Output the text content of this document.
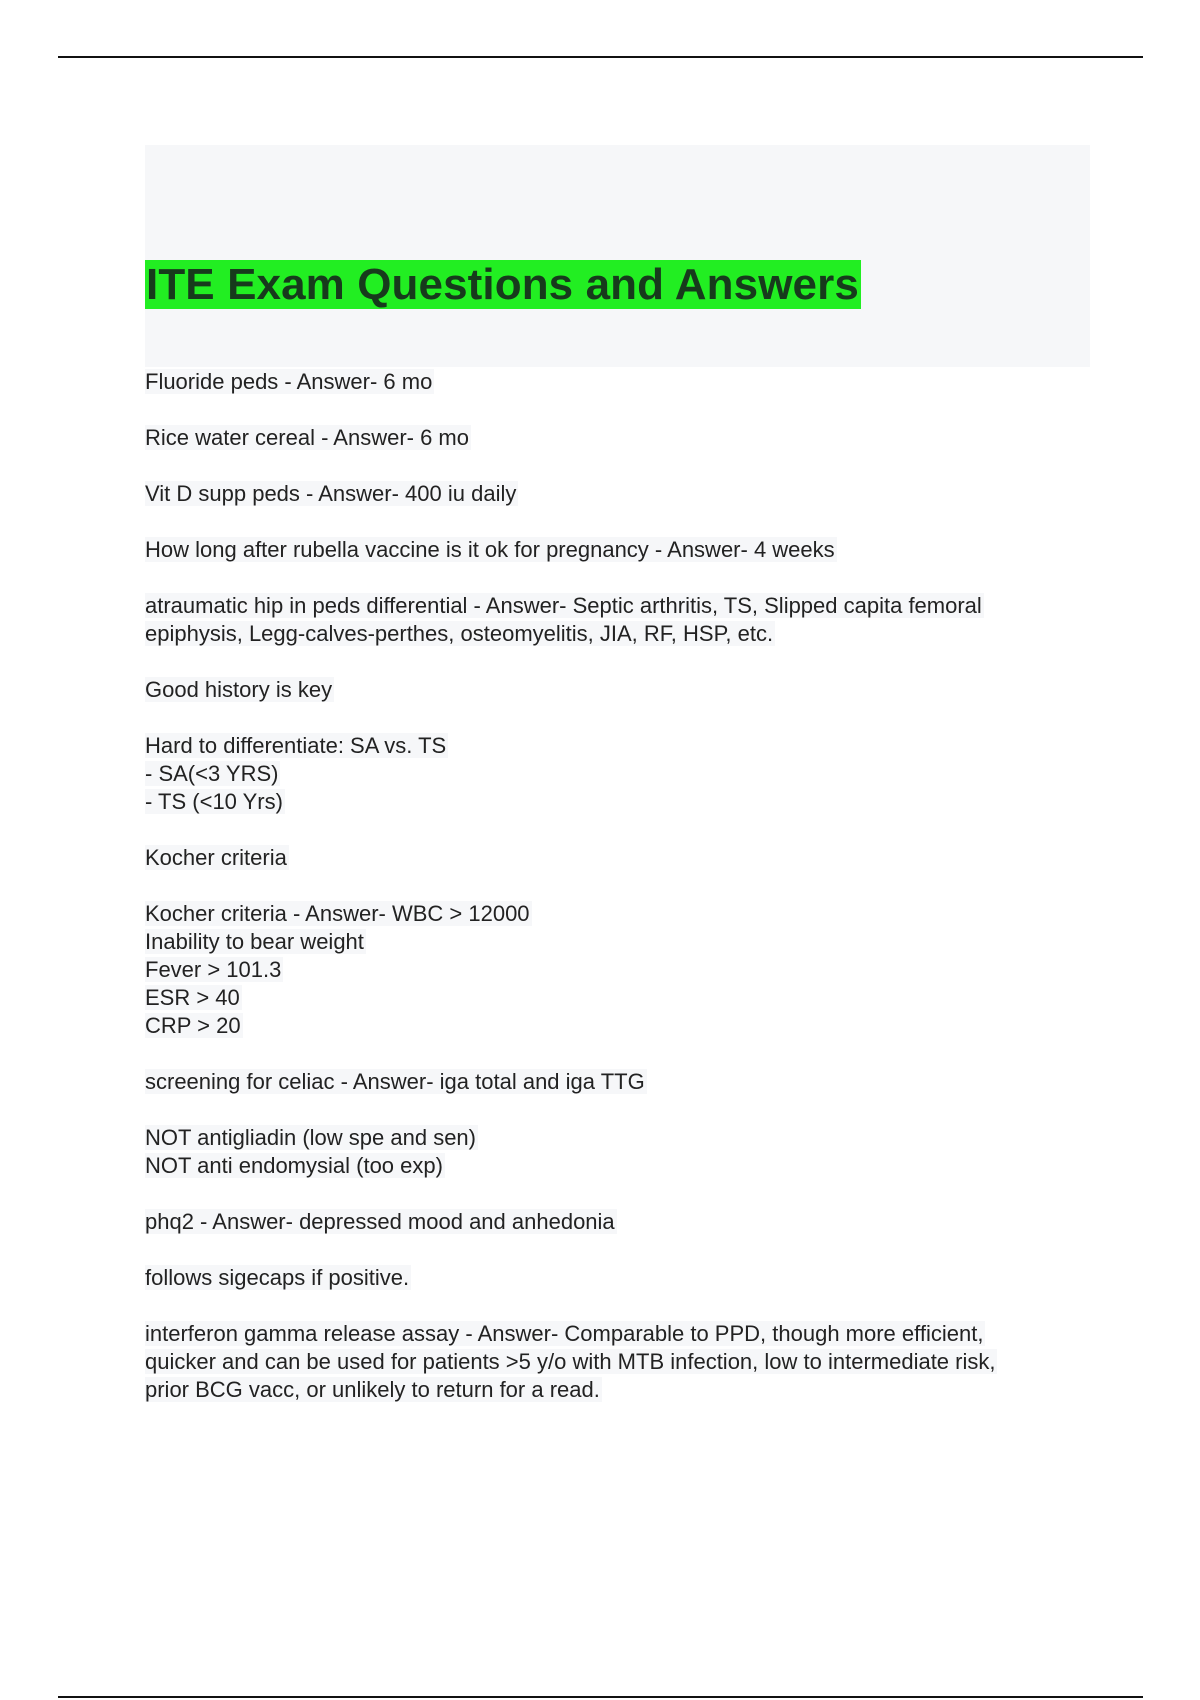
ITE Exam Questions and Answers
Fluoride peds - Answer- 6 mo
Rice water cereal - Answer- 6 mo
Vit D supp peds - Answer- 400 iu daily
How long after rubella vaccine is it ok for pregnancy - Answer- 4 weeks
atraumatic hip in peds differential - Answer- Septic arthritis, TS, Slipped capita femoral
epiphysis, Legg-calves-perthes, osteomyelitis, JIA, RF, HSP, etc.
Good history is key
Hard to differentiate: SA vs. TS
- SA(<3 YRS)
- TS (<10 Yrs)
Kocher criteria
Kocher criteria - Answer- WBC > 12000
Inability to bear weight
Fever > 101.3
ESR > 40
CRP > 20
screening for celiac - Answer- iga total and iga TTG
NOT antigliadin (low spe and sen)
NOT anti endomysial (too exp)
phq2 - Answer- depressed mood and anhedonia
follows sigecaps if positive.
interferon gamma release assay - Answer- Comparable to PPD, though more efficient,
quicker and can be used for patients >5 y/o with MTB infection, low to intermediate risk,
prior BCG vacc, or unlikely to return for a read.
